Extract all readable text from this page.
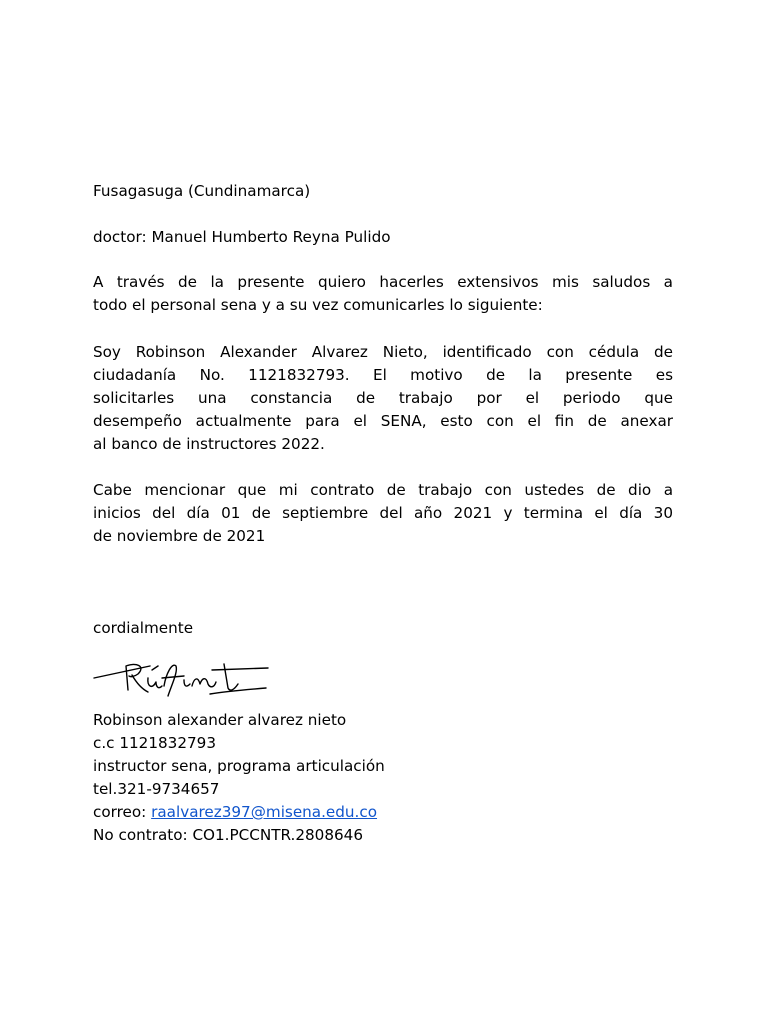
Fusagasuga (Cundinamarca)
doctor: Manuel Humberto Reyna Pulido
A través de la presente quiero hacerles extensivos mis saludos a
todo el personal sena y a su vez comunicarles lo siguiente:
Soy Robinson Alexander Alvarez Nieto, identificado con cédula de
ciudadanía No. 1121832793. El motivo de la presente es
solicitarles una constancia de trabajo por el periodo que
desempeño actualmente para el SENA, esto con el fin de anexar
al banco de instructores 2022.
Cabe mencionar que mi contrato de trabajo con ustedes de dio a
inicios del día 01 de septiembre del año 2021 y termina el día 30
de noviembre de 2021
cordialmente
Robinson alexander alvarez nieto
c.c 1121832793
instructor sena, programa articulación
tel.321-9734657
correo: raalvarez397@misena.edu.co
No contrato: CO1.PCCNTR.2808646
